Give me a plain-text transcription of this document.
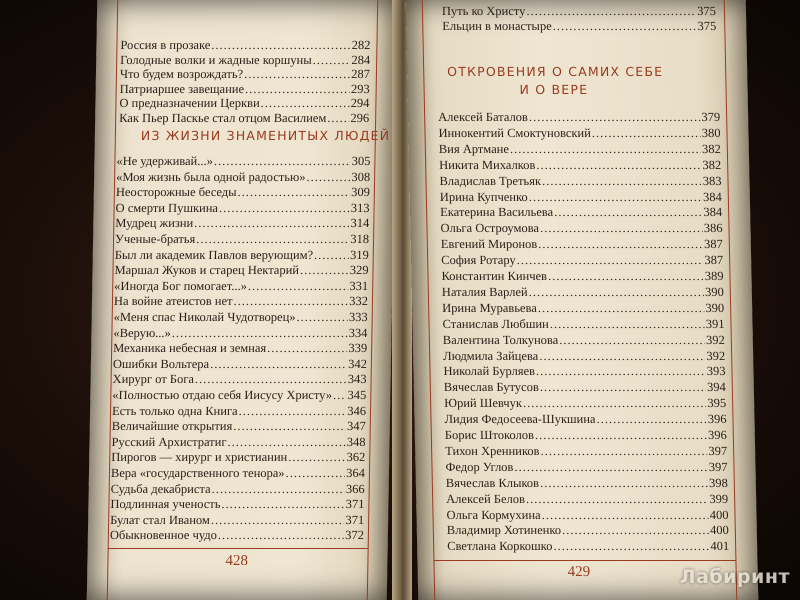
Россия в прозаке .....	282
Голодные волки и жадные коршуны .....	284
Что будем возрождать? .....	287
Патриаршее завещание .....	293
О предназначении Церкви .....	294
Как Пьер Паскье стал отцом Василием ..... 296
ИЗ ЖИЗНИ ЗНАМЕНИТЫХ ЛЮДЕЙ
«Не удерживай...» .....	305
«Моя жизнь была одной радостью» .....	308
Неосторожные беседы .....	309
О смерти Пушкина .....	313
Мудрец жизни .....	314
Ученые-братья .....	318
Был ли академик Павлов верующим? .....	319
Маршал Жуков и старец Нектарий .....	329
«Иногда Бог помогает...» .....	331
На войне атеистов нет .....	332
«Меня спас Николай Чудотворец» .....	333
«Верую...» .....	334
Механика небесная и земная .....	339
Ошибки Вольтера .....	342
Хирург от Бога .....	343
«Полностью отдаю себя Иисусу Христу» ..... 345
Есть только одна Книга .....	346
Величайшие открытия .....	347
Русский Архистратиг .....	348
Пирогов — хирург и христианин .....	362
Вера «государственного тенора» .....	364
Судьба декабриста .....	366
Подлинная ученость .....	371
Булат стал Иваном .....	371
Обыкновенное чудо .....	372
428
Путь ко Христу .....	375
Ельцин в монастыре .....	375
ОТКРОВЕНИЯ О САМИХ СЕБЕ
И О ВЕРЕ
Алексей Баталов .....	379
Иннокентий Смоктуновский .....	380
Вия Артмане .....	382
Никита Михалков .....	382
Владислав Третьяк .....	383
Ирина Купченко .....	384
Екатерина Васильева .....	384
Ольга Остроумова .....	386
Евгений Миронов .....	387
София Ротару .....	387
Константин Кинчев .....	389
Наталия Варлей .....	390
Ирина Муравьева .....	390
Станислав Любшин .....	391
Валентина Толкунова .....	392
Людмила Зайцева .....	392
Николай Бурляев .....	393
Вячеслав Бутусов .....	394
Юрий Шевчук .....	395
Лидия Федосеева-Шукшина .....	396
Борис Штоколов .....	396
Тихон Хренников .....	397
Федор Углов .....	397
Вячеслав Клыков .....	398
Алексей Белов .....	399
Ольга Кормухина .....	400
Владимир Хотиненко .....	400
Светлана Коркошко .....	401
429	Лабиринт
